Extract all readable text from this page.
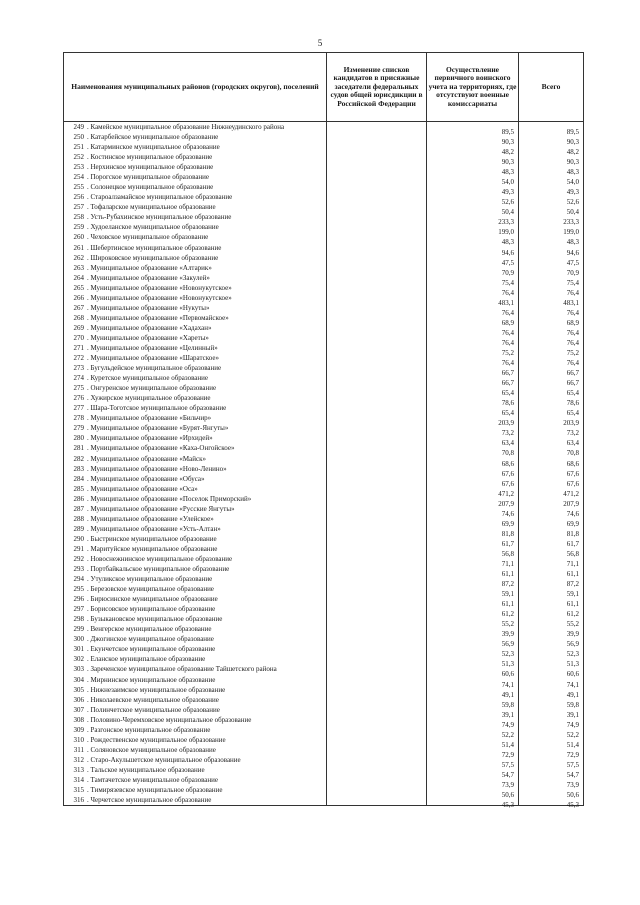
5
Наименования муниципальных районов (городских округов), поселений	Изменение списков кандидатов в присяжные заседатели федеральных судов общей юрисдикции в Российской Федерации	Осуществление первичного воинского учета на территориях, где отсутствуют военные комиссариаты	Всего
249 . Камейское муниципальное образование Нижнеудинского района		89,5	89,5
250 . Катарбейское муниципальное образование		90,3	90,3
251 . Катарминское муниципальное образование		48,2	48,2
252 . Костинское муниципальное образование		90,3	90,3
253 . Нерхинское муниципальное образование		48,3	48,3
254 . Порогское муниципальное образование		54,0	54,0
255 . Солонецкое муниципальное образование		49,3	49,3
256 . Староалзамайское муниципальное образование		52,6	52,6
257 . Тофаларское муниципальное образование		50,4	50,4
258 . Усть-Рубахинское муниципальное образование		233,3	233,3
259 . Худоеланское муниципальное образование		199,0	199,0
260 . Чеховское муниципальное образование		48,3	48,3
261 . Шебертинское муниципальное образование		94,6	94,6
262 . Широковское муниципальное образование		47,5	47,5
263 . Муниципальное образование «Алтарик»		70,9	70,9
264 . Муниципальное образование «Закулей»		75,4	75,4
265 . Муниципальное образование «Новонукутское»		76,4	76,4
266 . Муниципальное образование «Новонукутское»		483,1	483,1
267 . Муниципальное образование «Нукуты»		76,4	76,4
268 . Муниципальное образование «Первомайское»		68,9	68,9
269 . Муниципальное образование «Хадахан»		76,4	76,4
270 . Муниципальное образование «Хареты»		76,4	76,4
271 . Муниципальное образование «Целинный»		75,2	75,2
272 . Муниципальное образование «Шаратское»		76,4	76,4
273 . Бугульдейское муниципальное образование		66,7	66,7
274 . Куретское муниципальное образование		66,7	66,7
275 . Онгуренское муниципальное образование		65,4	65,4
276 . Хужирское муниципальное образование		78,6	78,6
277 . Шара-Тоготское муниципальное образование		65,4	65,4
278 . Муниципальное образование «Бильчир»		203,9	203,9
279 . Муниципальное образование «Бурят-Янгуты»		73,2	73,2
280 . Муниципальное образование «Ирхидей»		63,4	63,4
281 . Муниципальное образование «Каха-Онгойское»		70,8	70,8
282 . Муниципальное образование «Майск»		68,6	68,6
283 . Муниципальное образование «Ново-Ленино»		67,6	67,6
284 . Муниципальное образование «Обуса»		67,6	67,6
285 . Муниципальное образование «Оса»		471,2	471,2
286 . Муниципальное образование «Поселок Приморский»		207,9	207,9
287 . Муниципальное образование «Русские Янгуты»		74,6	74,6
288 . Муниципальное образование «Улейское»		69,9	69,9
289 . Муниципальное образование «Усть-Алтан»		81,8	81,8
290 . Быстринское муниципальное образование		61,7	61,7
291 . Маритуйское муниципальное образование		56,8	56,8
292 . Новоснежнинское муниципальное образование		71,1	71,1
293 . Портбайкальское муниципальное образование		61,1	61,1
294 . Утуликское муниципальное образование		87,2	87,2
295 . Березовское муниципальное образование		59,1	59,1
296 . Бирюсинское муниципальное образование		61,1	61,1
297 . Борисовское муниципальное образование		61,2	61,2
298 . Бузыкановское муниципальное образование		55,2	55,2
299 . Венгерское муниципальное образование		39,9	39,9
300 . Джогинское муниципальное образование		56,9	56,9
301 . Екунчетское муниципальное образование		52,3	52,3
302 . Еланское муниципальное образование		51,3	51,3
303 . Зареченское муниципальное образование Тайшетского района		60,6	60,6
304 . Мирнинское муниципальное образование		74,1	74,1
305 . Нижнезаимское муниципальное образование		49,1	49,1
306 . Николаевское муниципальное образование		59,8	59,8
307 . Полинчетское муниципальное образование		39,1	39,1
308 . Половино-Черемховское муниципальное образование		74,9	74,9
309 . Разгонское муниципальное образование		52,2	52,2
310 . Рождественское муниципальное образование		51,4	51,4
311 . Соляновское муниципальное образование		72,9	72,9
312 . Старо-Акульшетское муниципальное образование		57,5	57,5
313 . Тальское муниципальное образование		54,7	54,7
314 . Тамтачетское муниципальное образование		73,9	73,9
315 . Тимирязевское муниципальное образование		50,6	50,6
316 . Черчетское муниципальное образование		45,3	45,3
